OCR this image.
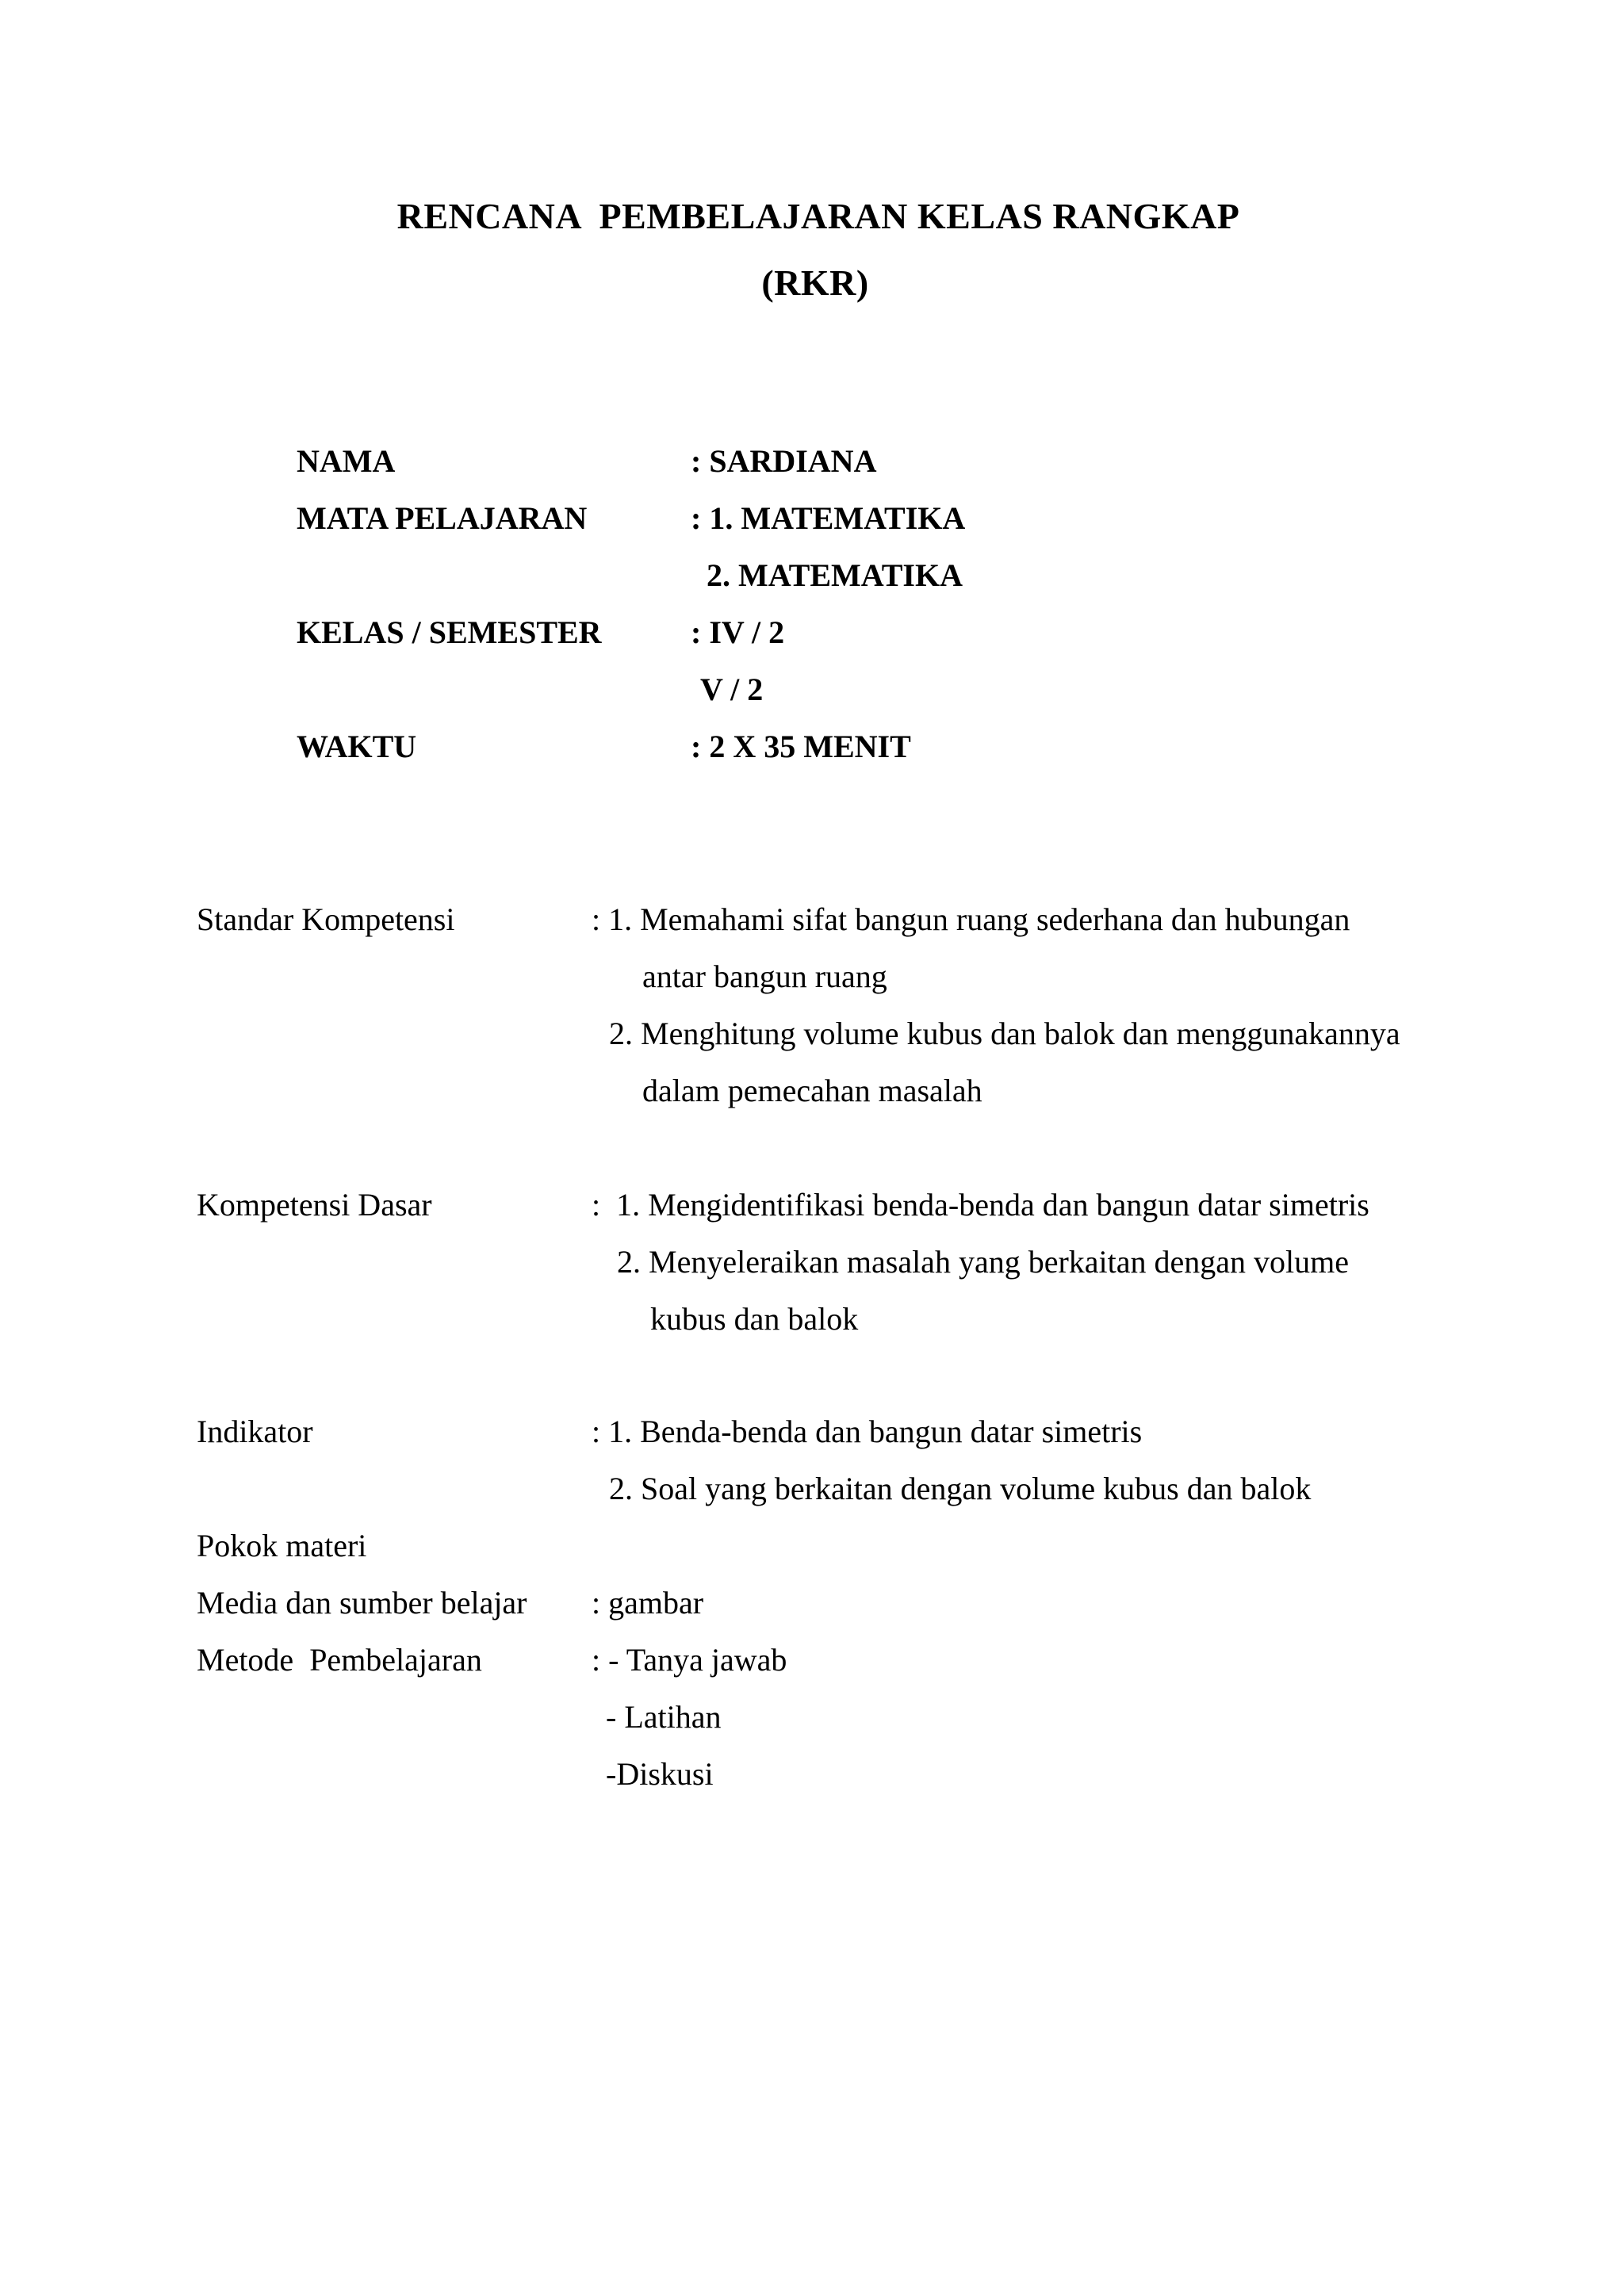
RENCANA  PEMBELAJARAN KELAS RANGKAP
(RKR)
NAMA	: SARDIANA
MATA PELAJARAN	: 1. MATEMATIKA
2. MATEMATIKA
KELAS / SEMESTER	: IV / 2
V / 2
WAKTU	: 2 X 35 MENIT
Standar Kompetensi	: 1. Memahami sifat bangun ruang sederhana dan hubungan
antar bangun ruang
2. Menghitung volume kubus dan balok dan menggunakannya
dalam pemecahan masalah
Kompetensi Dasar	:  1. Mengidentifikasi benda-benda dan bangun datar simetris
2. Menyeleraikan masalah yang berkaitan dengan volume
kubus dan balok
Indikator	: 1. Benda-benda dan bangun datar simetris
2. Soal yang berkaitan dengan volume kubus dan balok
Pokok materi
Media dan sumber belajar : gambar
Metode  Pembelajaran	: - Tanya jawab
- Latihan
-Diskusi
